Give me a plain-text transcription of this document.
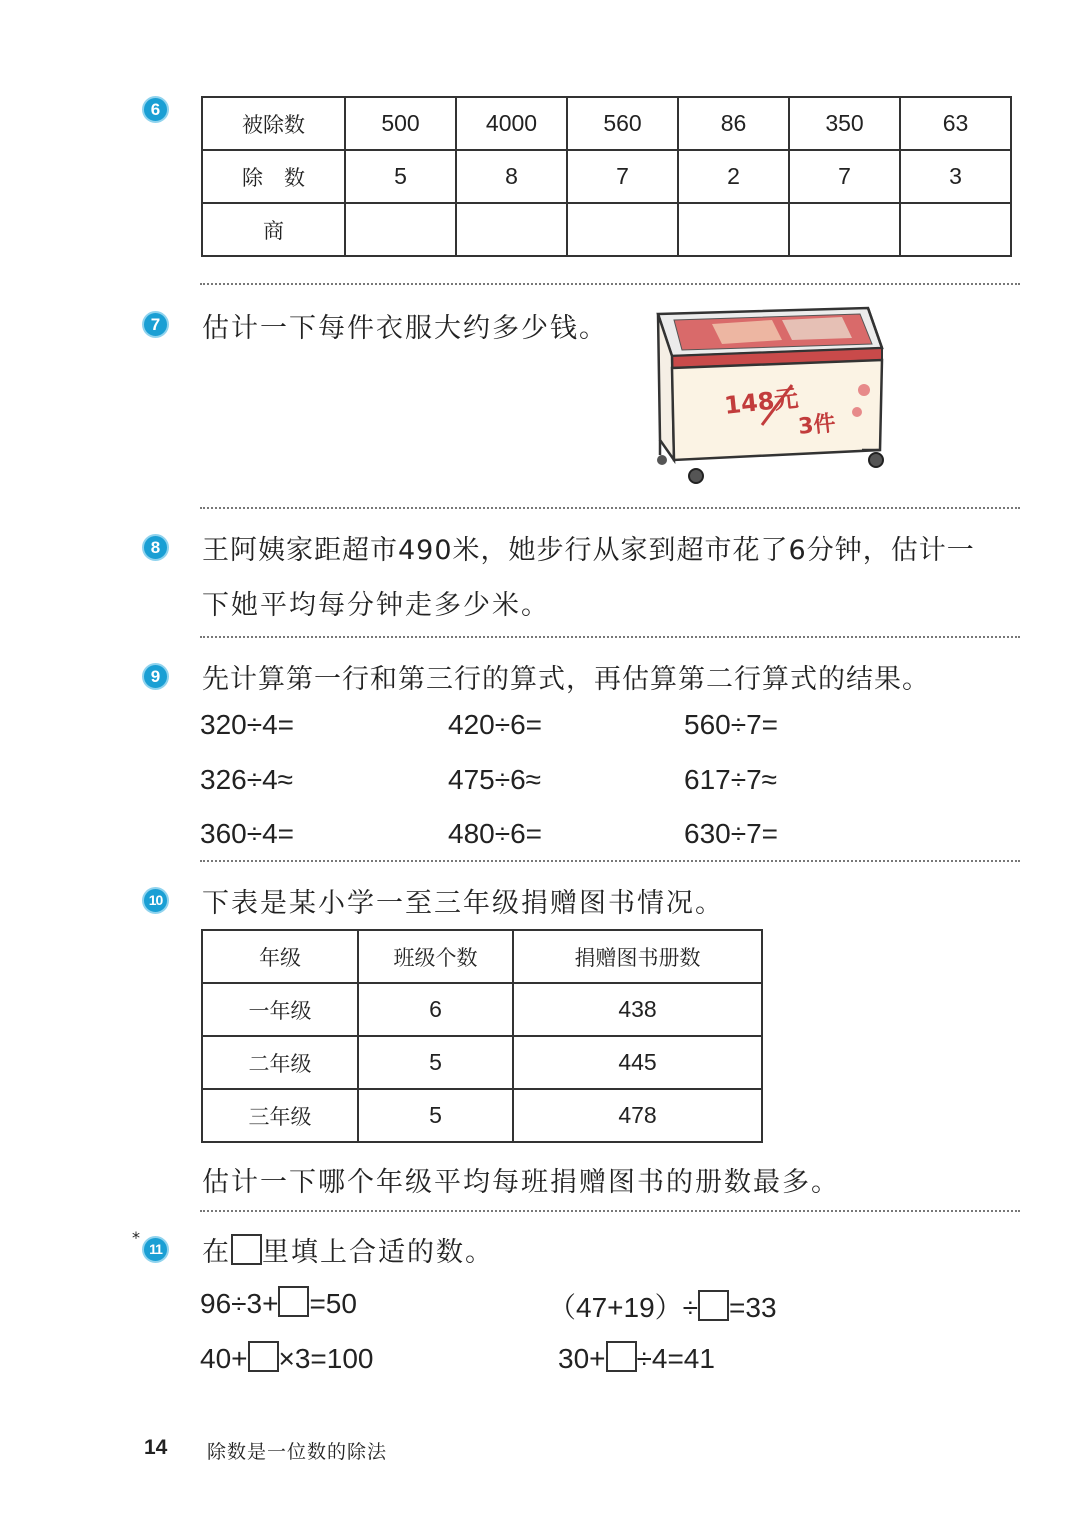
6
被除数	500	4000	560	86	350	63
除　数	5	8	7	2	7	3
商						
7	估计一下每件衣服大约多少钱。
148元
3件
8	王阿姨家距超市490米，她步行从家到超市花了6分钟，估计一
下她平均每分钟走多少米。
9	先计算第一行和第三行的算式，再估算第二行算式的结果。
320÷4=	420÷6=	560÷7=
326÷4≈	475÷6≈	617÷7≈
360÷4=	480÷6=	630÷7=
10 下表是某小学一至三年级捐赠图书情况。
年级	班级个数	捐赠图书册数
一年级	6	438
二年级	5	445
三年级	5	478
估计一下哪个年级平均每班捐赠图书的册数最多。
*
11 在 里填上合适的数。
96÷3+ =50	（47+19）÷ =33
40+ ×3=100	30+ ÷4=41
14 除数是一位数的除法
